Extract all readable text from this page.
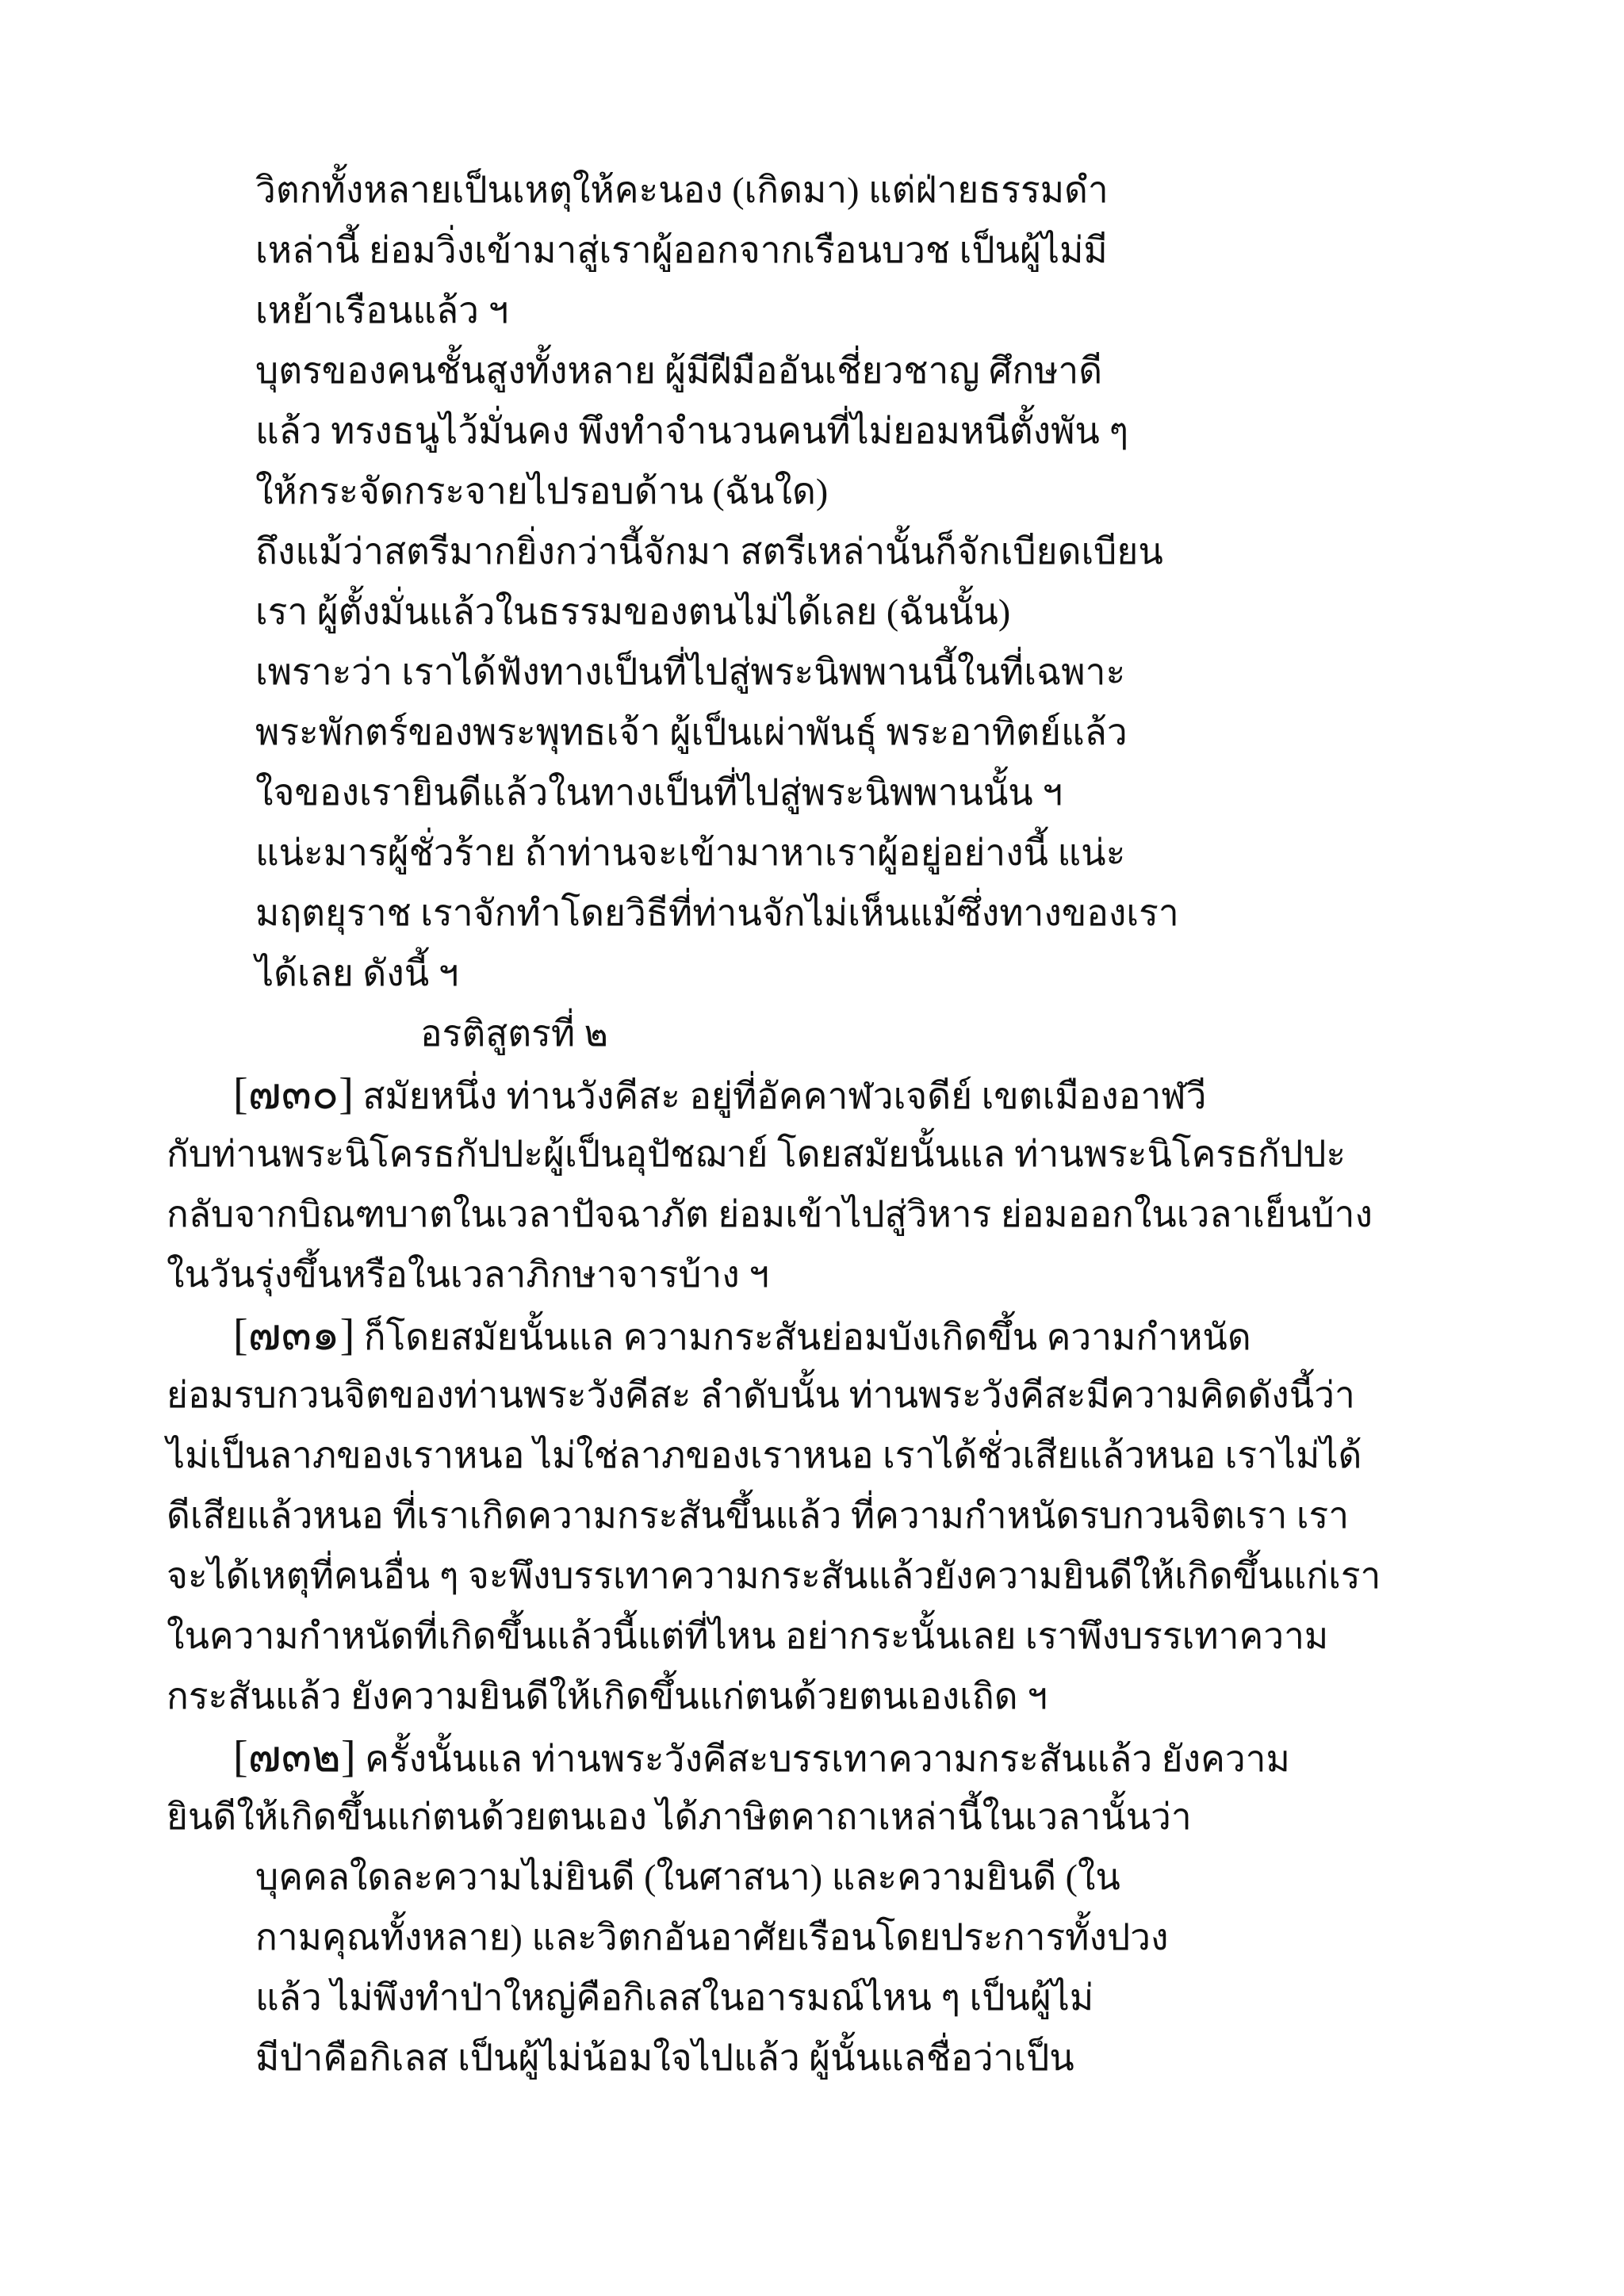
วิตกทั้งหลายเป็นเหตุให้คะนอง (เกิดมา) แต่ฝ่ายธรรมดำ
เหล่านี้ ย่อมวิ่งเข้ามาสู่เราผู้ออกจากเรือนบวช เป็นผู้ไม่มี
เหย้าเรือนแล้ว ฯ
บุตรของคนชั้นสูงทั้งหลาย ผู้มีฝีมืออันเชี่ยวชาญ ศึกษาดี
แล้ว ทรงธนูไว้มั่นคง พึงทำจำนวนคนที่ไม่ยอมหนีตั้งพัน ๆ
ให้กระจัดกระจายไปรอบด้าน (ฉันใด)
ถึงแม้ว่าสตรีมากยิ่งกว่านี้จักมา สตรีเหล่านั้นก็จักเบียดเบียน
เรา ผู้ตั้งมั่นแล้วในธรรมของตนไม่ได้เลย (ฉันนั้น)
เพราะว่า เราได้ฟังทางเป็นที่ไปสู่พระนิพพานนี้ในที่เฉพาะ
พระพักตร์ของพระพุทธเจ้า ผู้เป็นเผ่าพันธุ์ พระอาทิตย์แล้ว
ใจของเรายินดีแล้วในทางเป็นที่ไปสู่พระนิพพานนั้น ฯ
แน่ะมารผู้ชั่วร้าย ถ้าท่านจะเข้ามาหาเราผู้อยู่อย่างนี้ แน่ะ
มฤตยุราช เราจักทำโดยวิธีที่ท่านจักไม่เห็นแม้ซึ่งทางของเรา
ได้เลย ดังนี้ ฯ
อรติสูตรที่ ๒
[๗๓๐] สมัยหนึ่ง ท่านวังคีสะ อยู่ที่อัคคาฬวเจดีย์ เขตเมืองอาฬวี
กับท่านพระนิโครธกัปปะผู้เป็นอุปัชฌาย์ โดยสมัยนั้นแล ท่านพระนิโครธกัปปะ
กลับจากบิณฑบาตในเวลาปัจฉาภัต ย่อมเข้าไปสู่วิหาร ย่อมออกในเวลาเย็นบ้าง
ในวันรุ่งขึ้นหรือในเวลาภิกษาจารบ้าง ฯ
[๗๓๑] ก็โดยสมัยนั้นแล ความกระสันย่อมบังเกิดขึ้น ความกำหนัด
ย่อมรบกวนจิตของท่านพระวังคีสะ ลำดับนั้น ท่านพระวังคีสะมีความคิดดังนี้ว่า
ไม่เป็นลาภของเราหนอ ไม่ใช่ลาภของเราหนอ เราได้ชั่วเสียแล้วหนอ เราไม่ได้
ดีเสียแล้วหนอ ที่เราเกิดความกระสันขึ้นแล้ว ที่ความกำหนัดรบกวนจิตเรา เรา
จะได้เหตุที่คนอื่น ๆ จะพึงบรรเทาความกระสันแล้วยังความยินดีให้เกิดขึ้นแก่เรา
ในความกำหนัดที่เกิดขึ้นแล้วนี้แต่ที่ไหน อย่ากระนั้นเลย เราพึงบรรเทาความ
กระสันแล้ว ยังความยินดีให้เกิดขึ้นแก่ตนด้วยตนเองเถิด ฯ
[๗๓๒] ครั้งนั้นแล ท่านพระวังคีสะบรรเทาความกระสันแล้ว ยังความ
ยินดีให้เกิดขึ้นแก่ตนด้วยตนเอง ได้ภาษิตคาถาเหล่านี้ในเวลานั้นว่า
บุคคลใดละความไม่ยินดี (ในศาสนา) และความยินดี (ใน
กามคุณทั้งหลาย) และวิตกอันอาศัยเรือนโดยประการทั้งปวง
แล้ว ไม่พึงทำป่าใหญ่คือกิเลสในอารมณ์ไหน ๆ เป็นผู้ไม่
มีป่าคือกิเลส เป็นผู้ไม่น้อมใจไปแล้ว ผู้นั้นแลชื่อว่าเป็น
